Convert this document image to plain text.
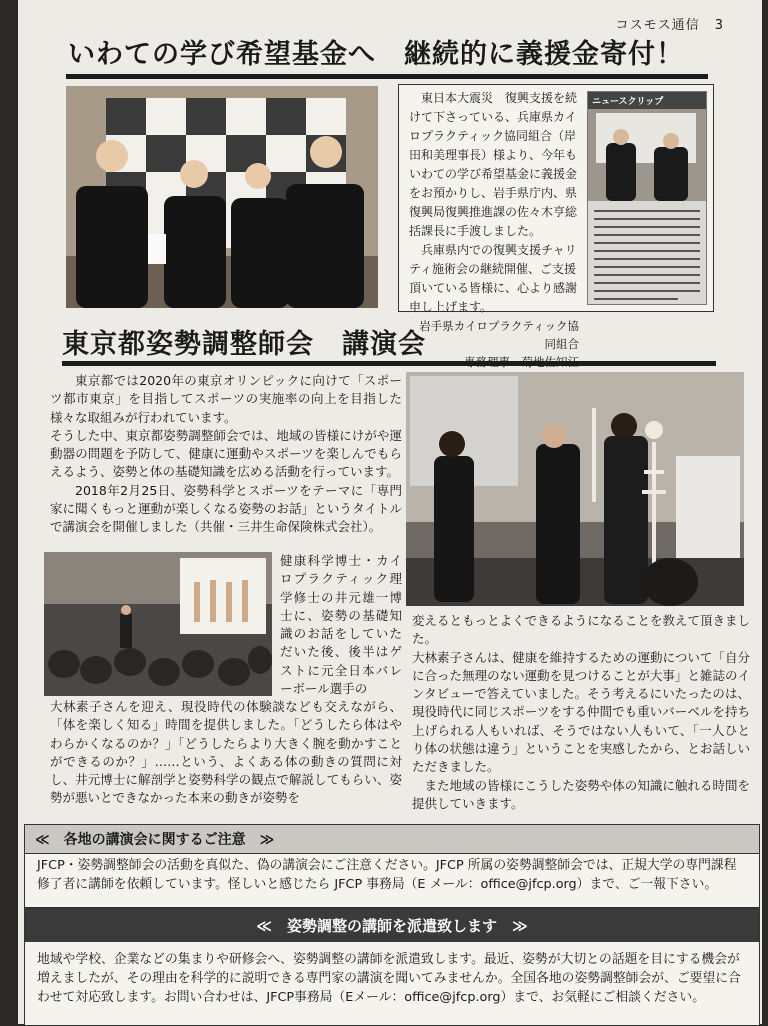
コスモス通信 3
いわての学び希望基金へ　継続的に義援金寄付！
東日本大震災　復興支援を続けて下さっている、兵庫県カイロプラクティック協同組合（岸田和美理事長）様より、今年もいわての学び希望基金に義援金をお預かりし、岩手県庁内、県復興局復興推進課の佐々木亨総括課長に手渡しました。
兵庫県内での復興支援チャリティ施術会の継続開催、ご支援頂いている皆様に、心より感謝申し上げます。
岩手県カイロプラクティック協同組合
ニュースクリップ

東京都姿勢調整師会　講演会
東京都では2020年の東京オリンピックに向けて「スポーツ都市東京」を目指してスポーツの実施率の向上を目指した様々な取組みが行われています。
そうした中、東京都姿勢調整師会では、地域の皆様にけがや運動器の問題を予防して、健康に運動やスポーツを楽しんでもらえるよう、姿勢と体の基礎知識を広める活動を行っています。
2018年2月25日、姿勢科学とスポーツをテーマに「専門家に聞くもっと運動が楽しくなる姿勢のお話」というタイトルで講演会を開催しました（共催・三井生命保険株式会社）。
健康科学博士・カイロプラクティック理学修士の井元雄一博士に、姿勢の基礎知識のお話をしていただいた後、後半はゲストに元全日本バレーボール選手の
大林素子さんを迎え、現役時代の体験談なども交えながら、「体を楽しく知る」時間を提供しました。「どうしたら体はやわらかくなるのか？」「どうしたらより大きく腕を動かすことができるのか？」……という、よくある体の動きの質問に対し、井元博士に解剖学と姿勢科学の観点で解説してもらい、姿勢が悪いとできなかった本来の動きが姿勢を
変えるともっとよくできるようになることを教えて頂きました。
大林素子さんは、健康を維持するための運動について「自分に合った無理のない運動を見つけることが大事」と雑誌のインタビューで答えていました。そう考えるにいたったのは、現役時代に同じスポーツをする仲間でも重いバーベルを持ち上げられる人もいれば、そうではない人もいて、「一人ひとり体の状態は違う」ということを実感したから、とお話しいただきました。
また地域の皆様にこうした姿勢や体の知識に触れる時間を提供していきます。
≪　各地の講演会に関するご注意　≫
JFCP・姿勢調整師会の活動を真似た、偽の講演会にご注意ください。JFCP 所属の姿勢調整師会では、正規大学の専門課程修了者に講師を依頼しています。怪しいと感じたら JFCP 事務局（E メール：office@jfcp.org）まで、ご一報下さい。
≪　姿勢調整の講師を派遣致します　≫
地域や学校、企業などの集まりや研修会へ、姿勢調整の講師を派遣致します。最近、姿勢が大切との話題を目にする機会が増えましたが、その理由を科学的に説明できる専門家の講演を聞いてみませんか。全国各地の姿勢調整師会が、ご要望に合わせて対応致します。お問い合わせは、JFCP事務局（Eメール：office@jfcp.org）まで、お気軽にご相談ください。
